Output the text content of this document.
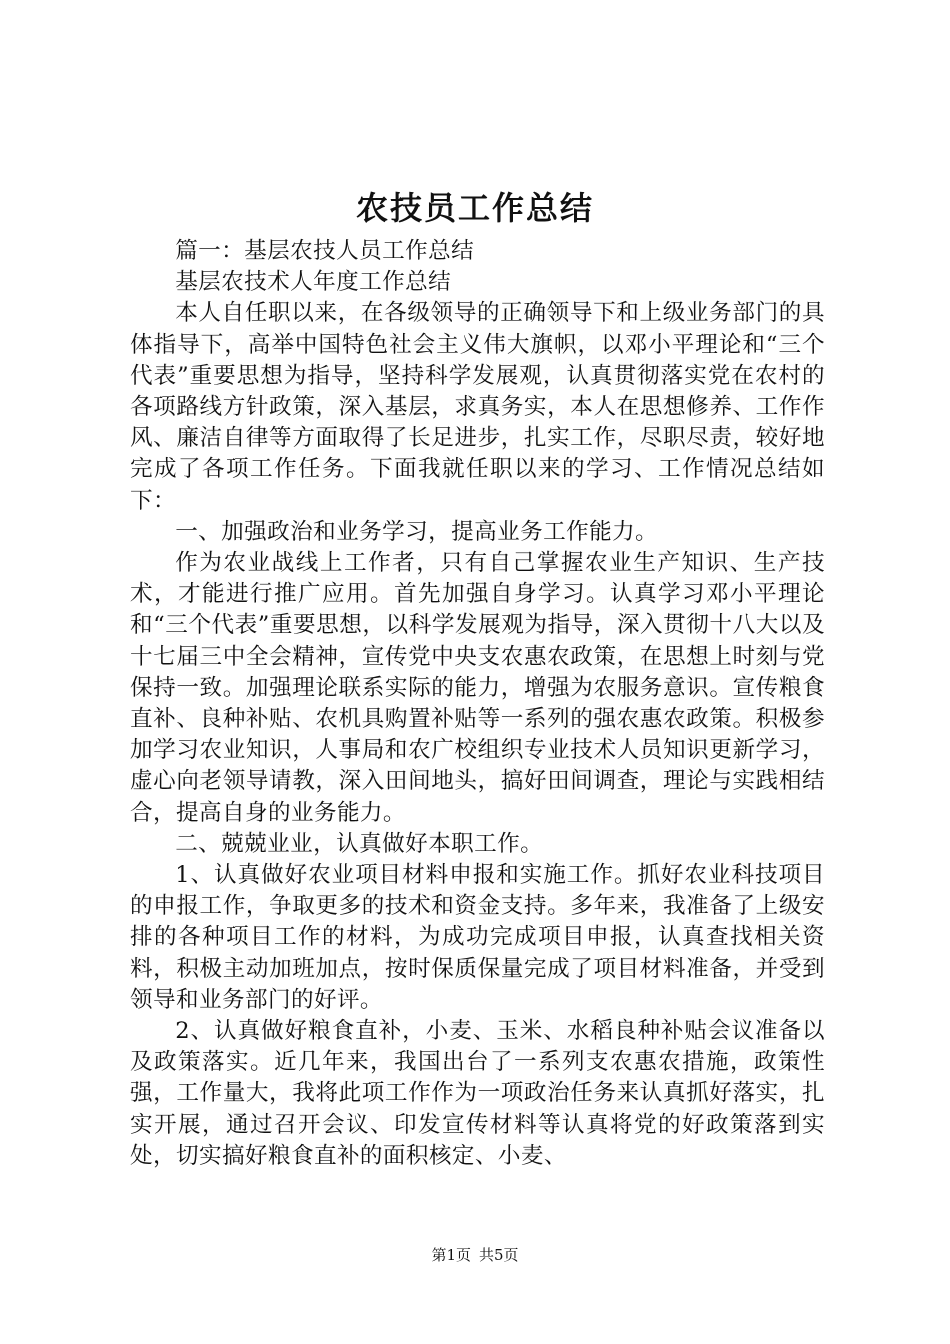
农技员工作总结

篇一：基层农技人员工作总结

基层农技术人年度工作总结

本人自任职以来，在各级领导的正确领导下和上级业务部门的具体指导下，高举中国特色社会主义伟大旗帜，以邓小平理论和“三个代表”重要思想为指导，坚持科学发展观，认真贯彻落实党在农村的各项路线方针政策，深入基层，求真务实，本人在思想修养、工作作风、廉洁自律等方面取得了长足进步，扎实工作，尽职尽责，较好地完成了各项工作任务。下面我就任职以来的学习、工作情况总结如下：

一、加强政治和业务学习，提高业务工作能力。

作为农业战线上工作者，只有自己掌握农业生产知识、生产技术，才能进行推广应用。首先加强自身学习。认真学习邓小平理论和“三个代表”重要思想，以科学发展观为指导，深入贯彻十八大以及十七届三中全会精神，宣传党中央支农惠农政策，在思想上时刻与党保持一致。加强理论联系实际的能力，增强为农服务意识。宣传粮食直补、良种补贴、农机具购置补贴等一系列的强农惠农政策。积极参加学习农业知识，人事局和农广校组织专业技术人员知识更新学习，虚心向老领导请教，深入田间地头，搞好田间调查，理论与实践相结合，提高自身的业务能力。

二、兢兢业业，认真做好本职工作。

1、认真做好农业项目材料申报和实施工作。抓好农业科技项目的申报工作，争取更多的技术和资金支持。多年来，我准备了上级安排的各种项目工作的材料，为成功完成项目申报，认真查找相关资料，积极主动加班加点，按时保质保量完成了项目材料准备，并受到领导和业务部门的好评。

2、认真做好粮食直补，小麦、玉米、水稻良种补贴会议准备以及政策落实。近几年来，我国出台了一系列支农惠农措施，政策性强，工作量大，我将此项工作作为一项政治任务来认真抓好落实，扎实开展，通过召开会议、印发宣传材料等认真将党的好政策落到实处，切实搞好粮食直补的面积核定、小麦、

第1页 共5页
